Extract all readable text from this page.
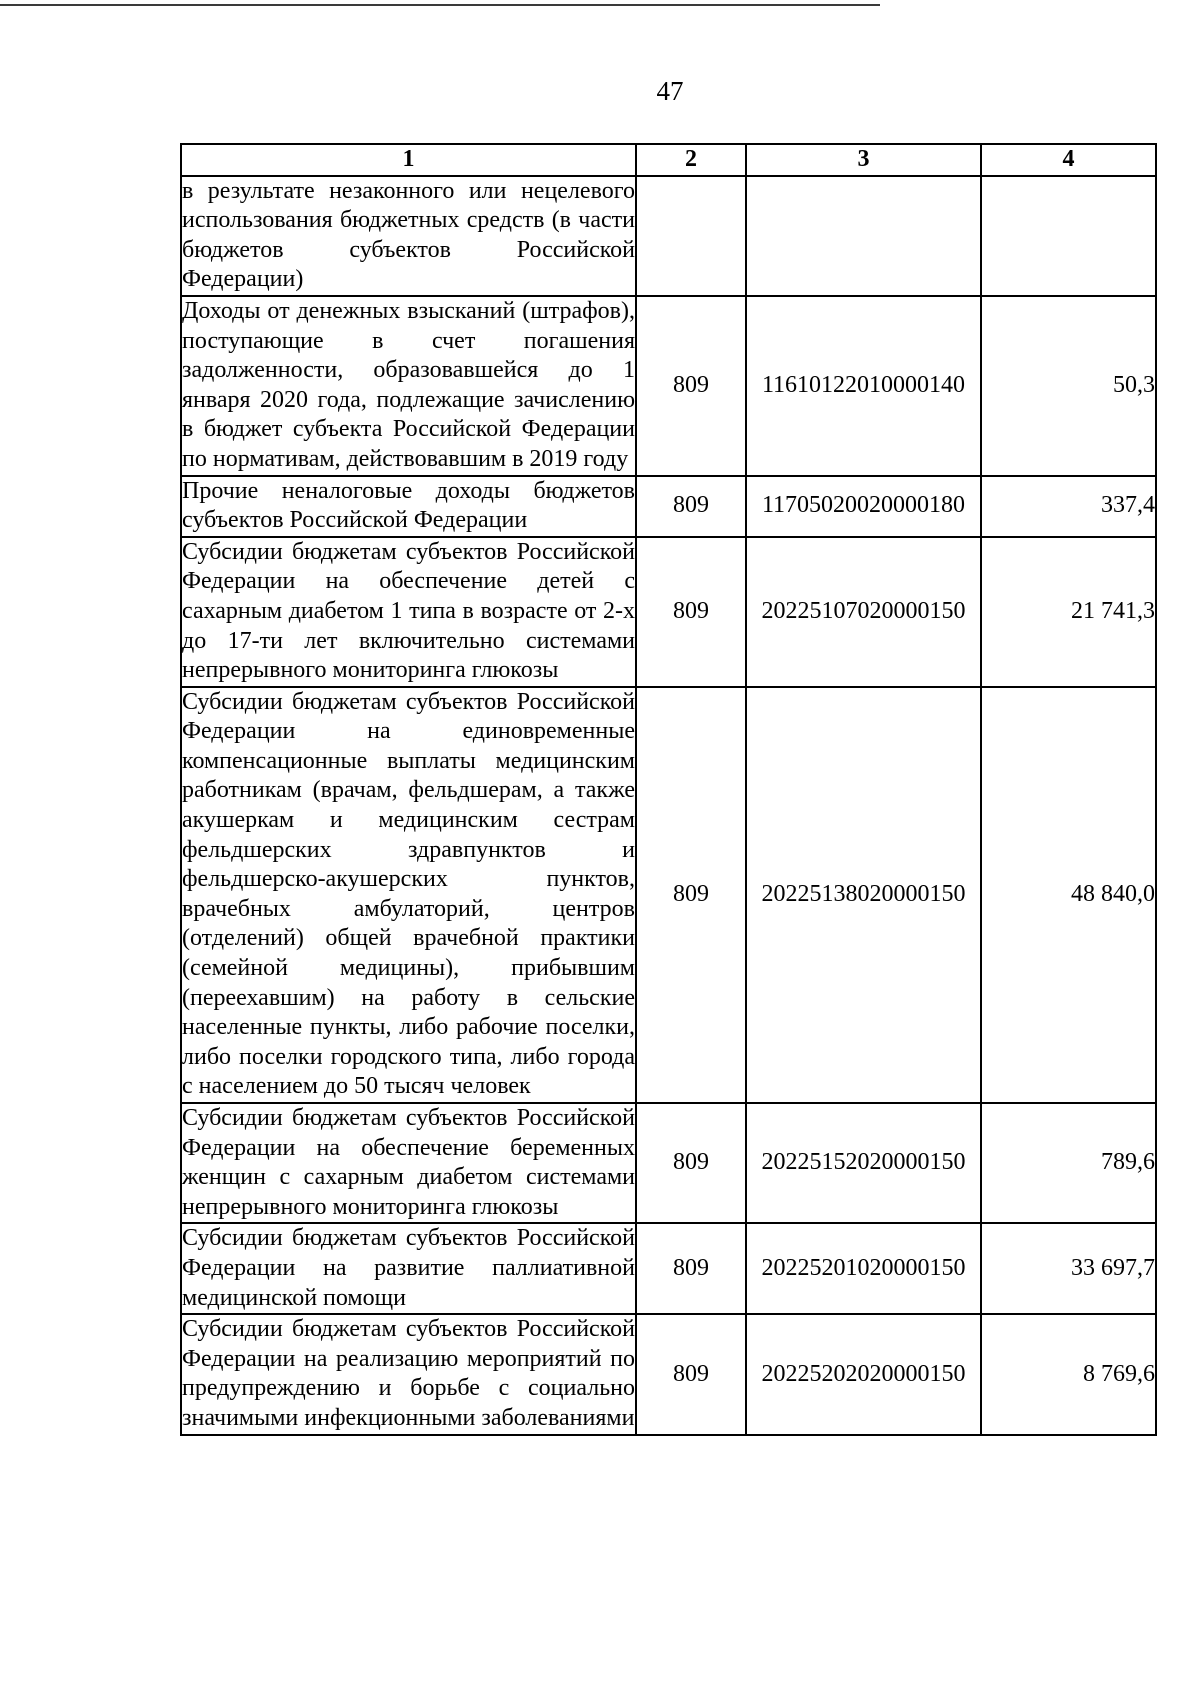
47
1	2	3	4
в результате незаконного или нецелевого использования бюджетных средств (в части бюджетов субъектов Российской Федерации)			
Доходы от денежных взысканий (штрафов), поступающие в счет погашения задолженности, образовавшейся до 1 января 2020 года, подлежащие зачислению в бюджет субъекта Российской Федерации по нормативам, действовавшим в 2019 году	809	11610122010000140	50,3
Прочие неналоговые доходы бюджетов субъектов Российской Федерации	809	11705020020000180	337,4
Субсидии бюджетам субъектов Российской Федерации на обеспечение детей с сахарным диабетом 1 типа в возрасте от 2-х до 17-ти лет включительно системами непрерывного мониторинга глюкозы	809	20225107020000150	21 741,3
Субсидии бюджетам субъектов Российской Федерации на единовременные компенсационные выплаты медицинским работникам (врачам, фельдшерам, а также акушеркам и медицинским сестрам фельдшерских здравпунктов и фельдшерско-акушерских пунктов, врачебных амбулаторий, центров (отделений) общей врачебной практики (семейной медицины), прибывшим (переехавшим) на работу в сельские населенные пункты, либо рабочие поселки, либо поселки городского типа, либо города с населением до 50 тысяч человек	809	20225138020000150	48 840,0
Субсидии бюджетам субъектов Российской Федерации на обеспечение беременных женщин с сахарным диабетом системами непрерывного мониторинга глюкозы	809	20225152020000150	789,6
Субсидии бюджетам субъектов Российской Федерации на развитие паллиативной медицинской помощи	809	20225201020000150	33 697,7
Субсидии бюджетам субъектов Российской Федерации на реализацию мероприятий по предупреждению и борьбе с социально значимыми инфекционными заболеваниями	809	20225202020000150	8 769,6
